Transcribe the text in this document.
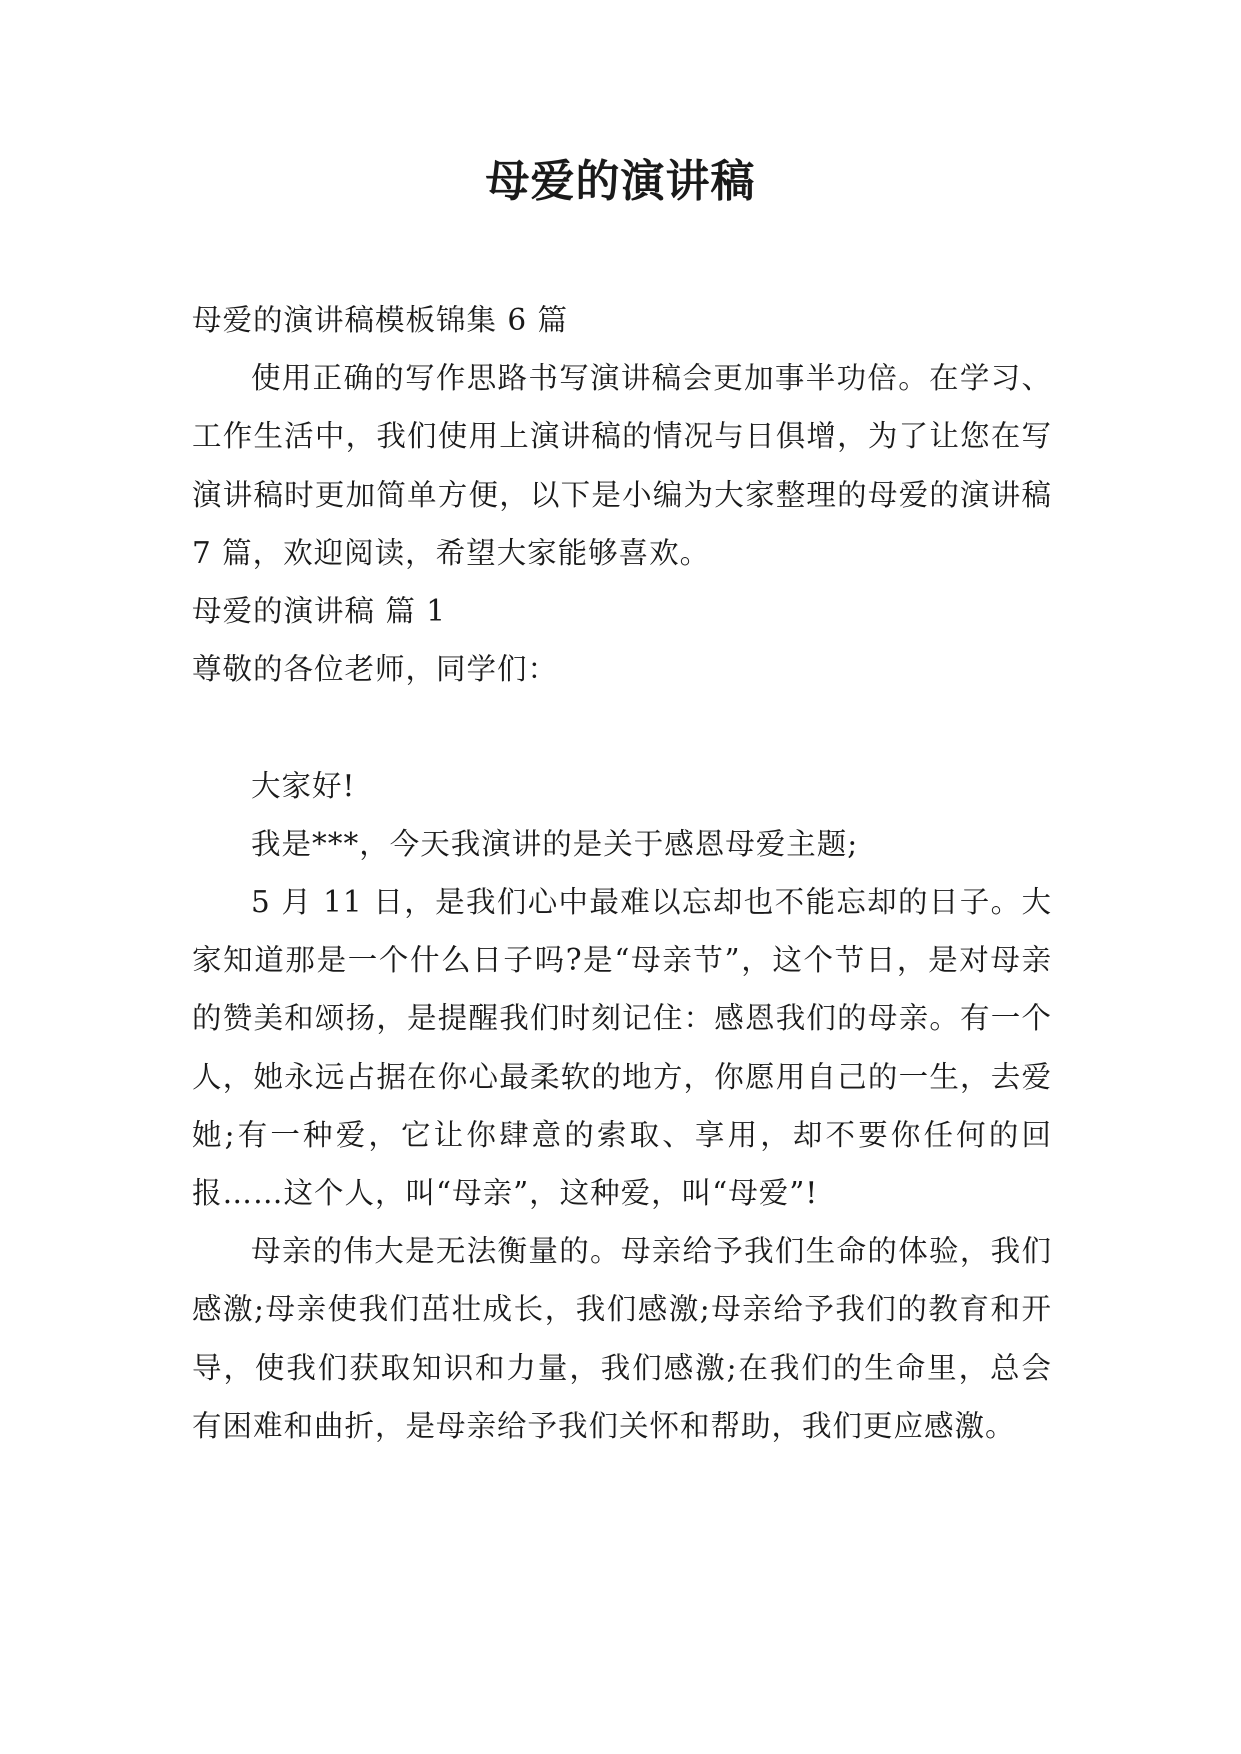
母爱的演讲稿

母爱的演讲稿模板锦集 6 篇

使用正确的写作思路书写演讲稿会更加事半功倍。在学习、工作生活中，我们使用上演讲稿的情况与日俱增，为了让您在写演讲稿时更加简单方便，以下是小编为大家整理的母爱的演讲稿 7 篇，欢迎阅读，希望大家能够喜欢。

母爱的演讲稿 篇 1

尊敬的各位老师，同学们：

大家好!

我是***，今天我演讲的是关于感恩母爱主题;

5 月 11 日，是我们心中最难以忘却也不能忘却的日子。大家知道那是一个什么日子吗?是“母亲节”，这个节日，是对母亲的赞美和颂扬，是提醒我们时刻记住：感恩我们的母亲。有一个人，她永远占据在你心最柔软的地方，你愿用自己的一生，去爱她;有一种爱，它让你肆意的索取、享用，却不要你任何的回报……这个人，叫“母亲”，这种爱，叫“母爱”!

母亲的伟大是无法衡量的。母亲给予我们生命的体验，我们感激;母亲使我们茁壮成长，我们感激;母亲给予我们的教育和开导，使我们获取知识和力量，我们感激;在我们的生命里，总会有困难和曲折，是母亲给予我们关怀和帮助，我们更应感激。
